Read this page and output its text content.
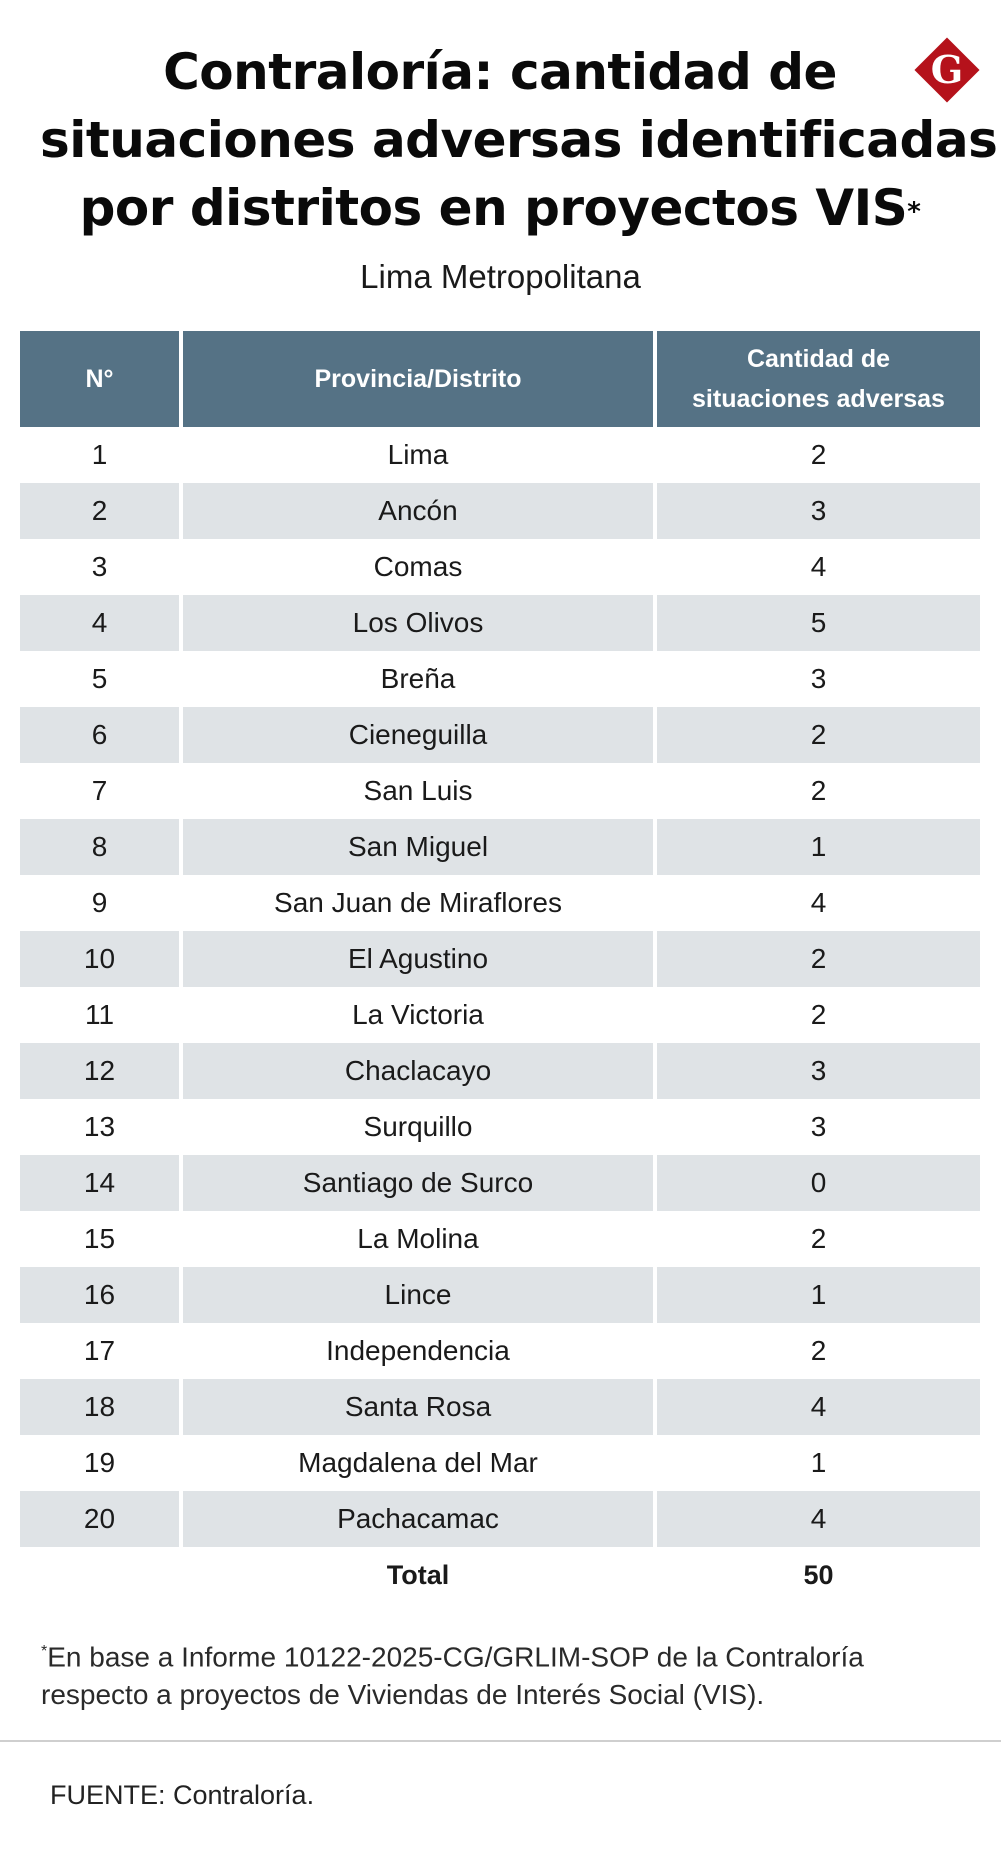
Contraloría: cantidad de
situaciones adversas identificadas
por distritos en proyectos VIS*
G
Lima Metropolitana
N°	Provincia/Distrito	Cantidad de
situaciones adversas
1	Lima	2
2	Ancón	3
3	Comas	4
4	Los Olivos	5
5	Breña	3
6	Cieneguilla	2
7	San Luis	2
8	San Miguel	1
9	San Juan de Miraflores	4
10	El Agustino	2
11	La Victoria	2
12	Chaclacayo	3
13	Surquillo	3
14	Santiago de Surco	0
15	La Molina	2
16	Lince	1
17	Independencia	2
18	Santa Rosa	4
19	Magdalena del Mar	1
20	Pachacamac	4
	Total	50
*En base a Informe 10122-2025-CG/GRLIM-SOP de la Contraloría
respecto a proyectos de Viviendas de Interés Social (VIS).
FUENTE: Contraloría.
